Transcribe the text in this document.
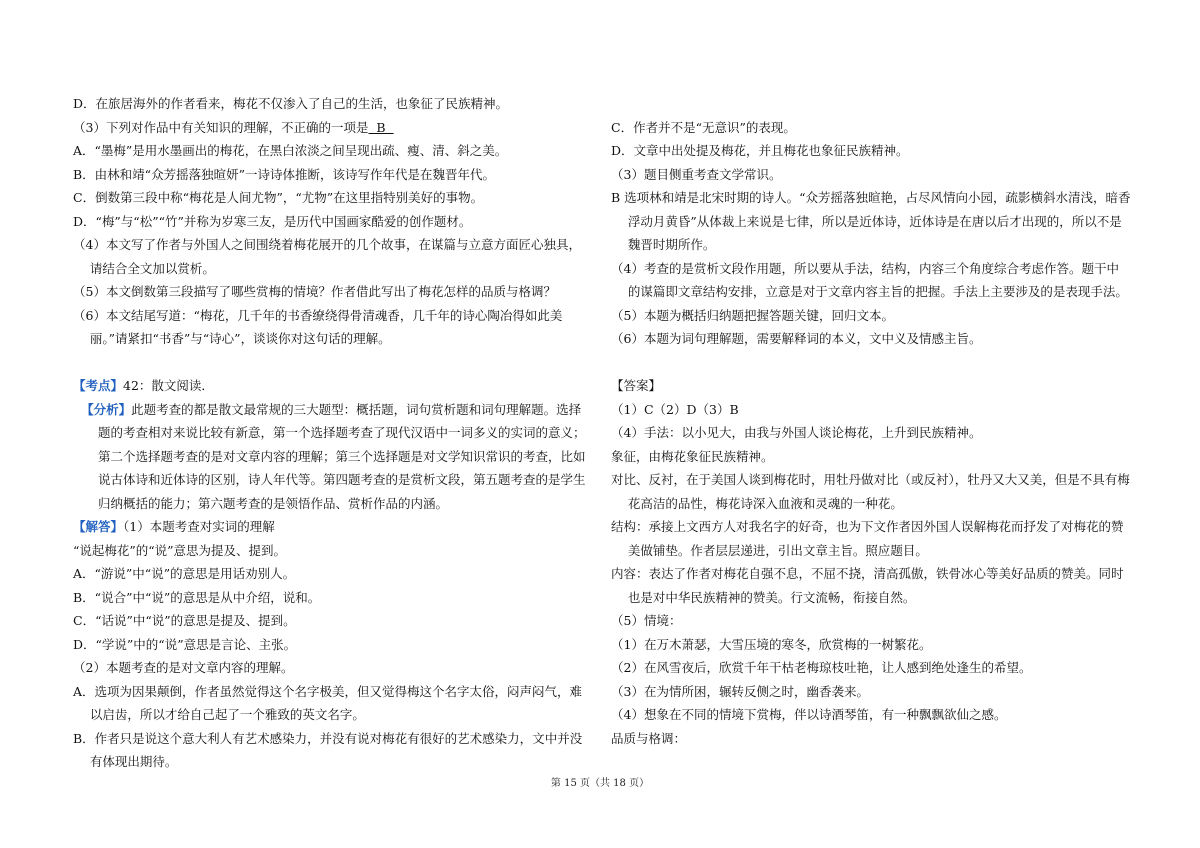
D．在旅居海外的作者看来，梅花不仅渗入了自己的生活，也象征了民族精神。
（3）下列对作品中有关知识的理解，不正确的一项是  B
A．“墨梅”是用水墨画出的梅花，在黑白浓淡之间呈现出疏、瘦、清、斜之美。
B．由林和靖“众芳摇落独暄妍”一诗诗体推断，该诗写作年代是在魏晋年代。
C．倒数第三段中称“梅花是人间尤物”，“尤物”在这里指特别美好的事物。
D．“梅”与“松”“竹”并称为岁寒三友，是历代中国画家酷爱的创作题材。
（4）本文写了作者与外国人之间围绕着梅花展开的几个故事，在谋篇与立意方面匠心独具，请结合全文加以赏析。
（5）本文倒数第三段描写了哪些赏梅的情境？作者借此写出了梅花怎样的品质与格调？
（6）本文结尾写道：“梅花，几千年的书香缭绕得骨清魂香，几千年的诗心陶冶得如此美丽。”请紧扣“书香”与“诗心”，谈谈你对这句话的理解。
【考点】42：散文阅读．
【分析】此题考查的都是散文最常规的三大题型：概括题，词句赏析题和词句理解题。选择题的考查相对来说比较有新意，第一个选择题考查了现代汉语中一词多义的实词的意义；第二个选择题考查的是对文章内容的理解；第三个选择题是对文学知识常识的考查，比如说古体诗和近体诗的区别，诗人年代等。第四题考查的是赏析文段，第五题考查的是学生归纳概括的能力；第六题考查的是领悟作品、赏析作品的内涵。
【解答】（1）本题考查对实词的理解
“说起梅花”的“说”意思为提及、提到。
A．“游说”中“说”的意思是用话劝别人。
B．“说合”中“说”的意思是从中介绍，说和。
C．“话说”中“说”的意思是提及、提到。
D．“学说”中的“说”意思是言论、主张。
（2）本题考查的是对文章内容的理解。
A．选项为因果颠倒，作者虽然觉得这个名字极美，但又觉得梅这个名字太俗，闷声闷气，难以启齿，所以才给自己起了一个雅致的英文名字。
B．作者只是说这个意大利人有艺术感染力，并没有说对梅花有很好的艺术感染力，文中并没有体现出期待。
C．作者并不是“无意识”的表现。
D．文章中出处提及梅花，并且梅花也象征民族精神。
（3）题目侧重考查文学常识。
B 选项林和靖是北宋时期的诗人。“众芳摇落独暄艳，占尽风情向小园，疏影横斜水清浅，暗香浮动月黄昏”从体裁上来说是七律，所以是近体诗，近体诗是在唐以后才出现的，所以不是魏晋时期所作。
（4）考查的是赏析文段作用题，所以要从手法，结构，内容三个角度综合考虑作答。题干中的谋篇即文章结构安排，立意是对于文章内容主旨的把握。手法上主要涉及的是表现手法。
（5）本题为概括归纳题把握答题关键，回归文本。
（6）本题为词句理解题，需要解释词的本义，文中义及情感主旨。
【答案】
（1）C（2）D（3）B
（4）手法：以小见大，由我与外国人谈论梅花，上升到民族精神。
象征，由梅花象征民族精神。
对比、反衬，在于美国人谈到梅花时，用牡丹做对比（或反衬），牡丹又大又美，但是不具有梅花高洁的品性，梅花诗深入血液和灵魂的一种花。
结构：承接上文西方人对我名字的好奇，也为下文作者因外国人误解梅花而抒发了对梅花的赞美做铺垫。作者层层递进，引出文章主旨。照应题目。
内容：表达了作者对梅花自强不息，不屈不挠，清高孤傲，铁骨冰心等美好品质的赞美。同时也是对中华民族精神的赞美。行文流畅，衔接自然。
（5）情境：
（1）在万木萧瑟，大雪压境的寒冬，欣赏梅的一树繁花。
（2）在风雪夜后，欣赏千年干枯老梅琼枝吐艳，让人感到绝处逢生的希望。
（3）在为情所困，辗转反侧之时，幽香袭来。
（4）想象在不同的情境下赏梅，伴以诗酒琴笛，有一种飘飘欲仙之感。
品质与格调：
第 15 页（共 18 页）
